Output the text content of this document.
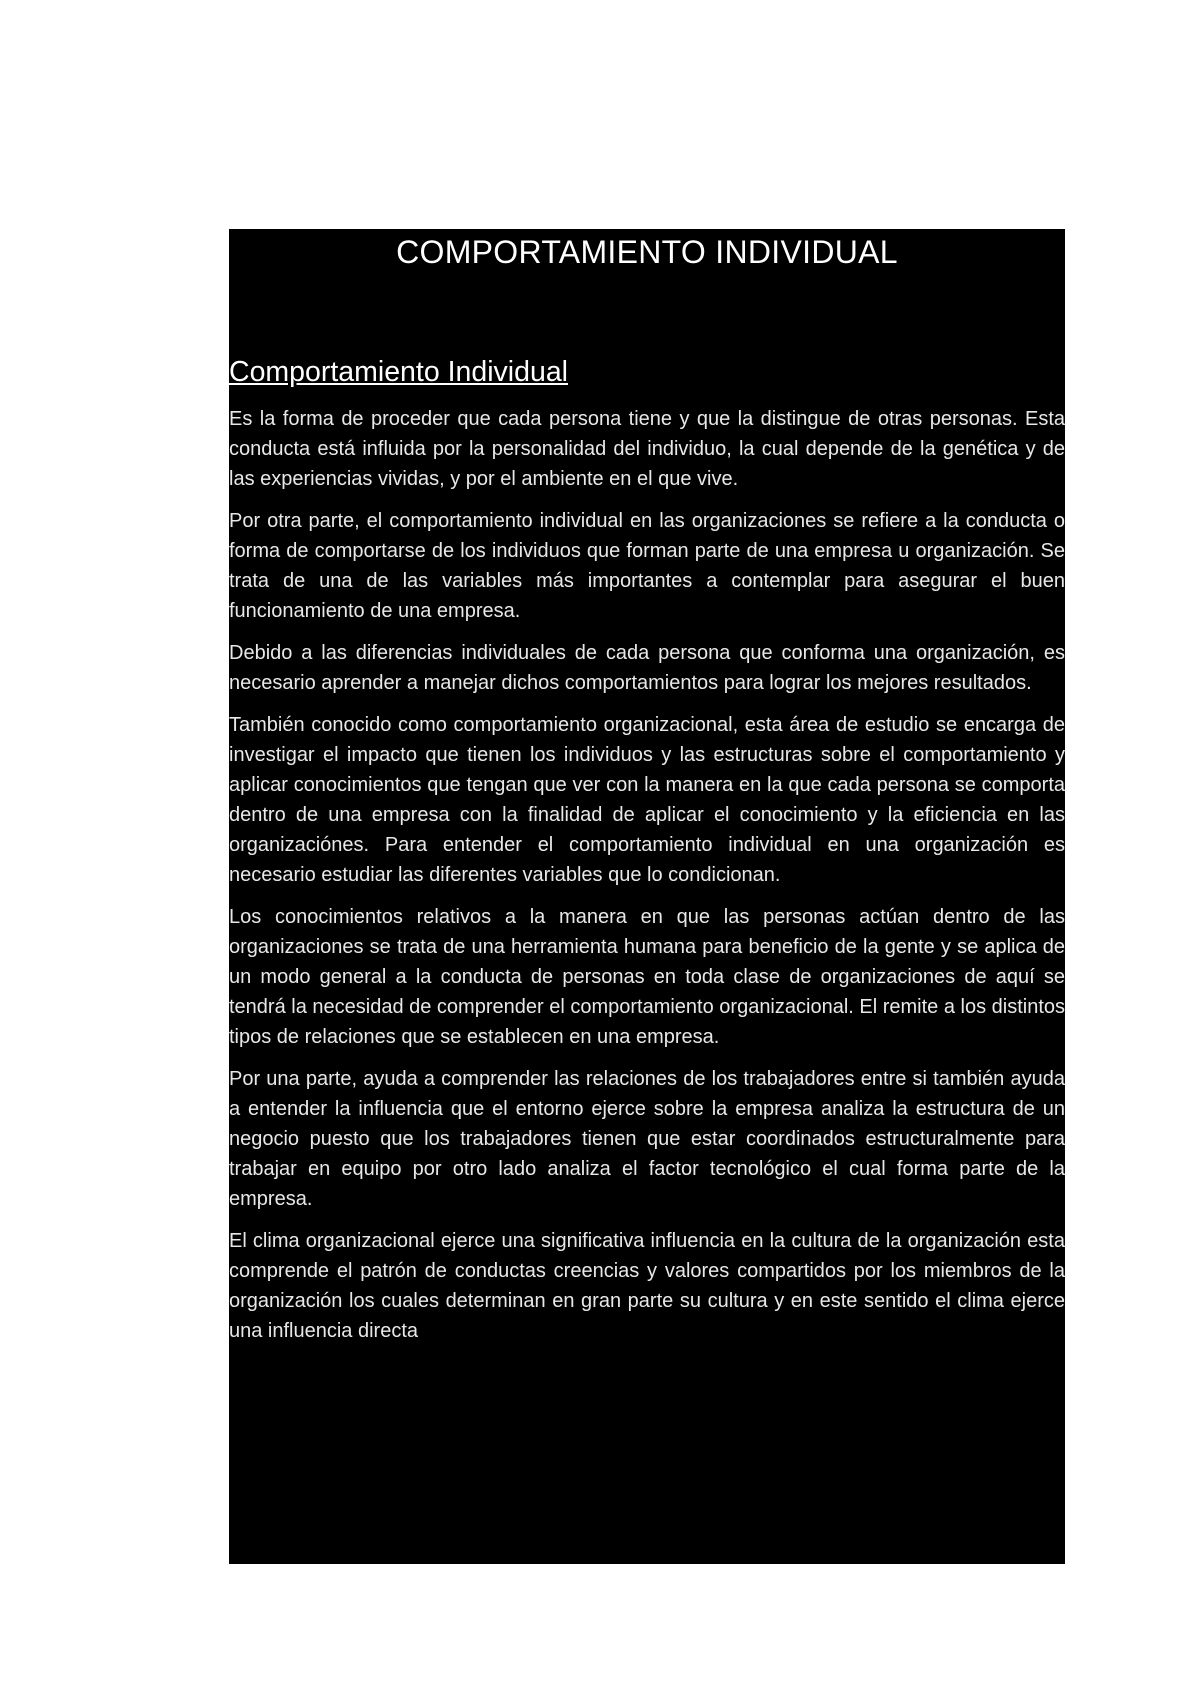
COMPORTAMIENTO INDIVIDUAL
Comportamiento Individual

Es la forma de proceder que cada persona tiene y que la distingue de otras personas. Esta conducta está influida por la personalidad del individuo, la cual depende de la genética y de las experiencias vividas, y por el ambiente en el que vive.

Por otra parte, el comportamiento individual en las organizaciones se refiere a la conducta o forma de comportarse de los individuos que forman parte de una empresa u organización. Se trata de una de las variables más importantes a contemplar para asegurar el buen funcionamiento de una empresa.

Debido a las diferencias individuales de cada persona que conforma una organización, es necesario aprender a manejar dichos comportamientos para lograr los mejores resultados.

También conocido como comportamiento organizacional, esta área de estudio se encarga de investigar el impacto que tienen los individuos y las estructuras sobre el comportamiento y aplicar conocimientos que tengan que ver con la manera en la que cada persona se comporta dentro de una empresa con la finalidad de aplicar el conocimiento y la eficiencia en las organizaciónes. Para entender el comportamiento individual en una organización es necesario estudiar las diferentes variables que lo condicionan.

Los conocimientos relativos a la manera en que las personas actúan dentro de las organizaciones se trata de una herramienta humana para beneficio de la gente y se aplica de un modo general a la conducta de personas en toda clase de organizaciones de aquí se tendrá la necesidad de comprender el comportamiento organizacional. El remite a los distintos tipos de relaciones que se establecen en una empresa.

Por una parte, ayuda a comprender las relaciones de los trabajadores entre si también ayuda a entender la influencia que el entorno ejerce sobre la empresa analiza la estructura de un negocio puesto que los trabajadores tienen que estar coordinados estructuralmente para trabajar en equipo por otro lado analiza el factor tecnológico el cual forma parte de la empresa.

El clima organizacional ejerce una significativa influencia en la cultura de la organización esta comprende el patrón de conductas creencias y valores compartidos por los miembros de la organización los cuales determinan en gran parte su cultura y en este sentido el clima ejerce una influencia directa
